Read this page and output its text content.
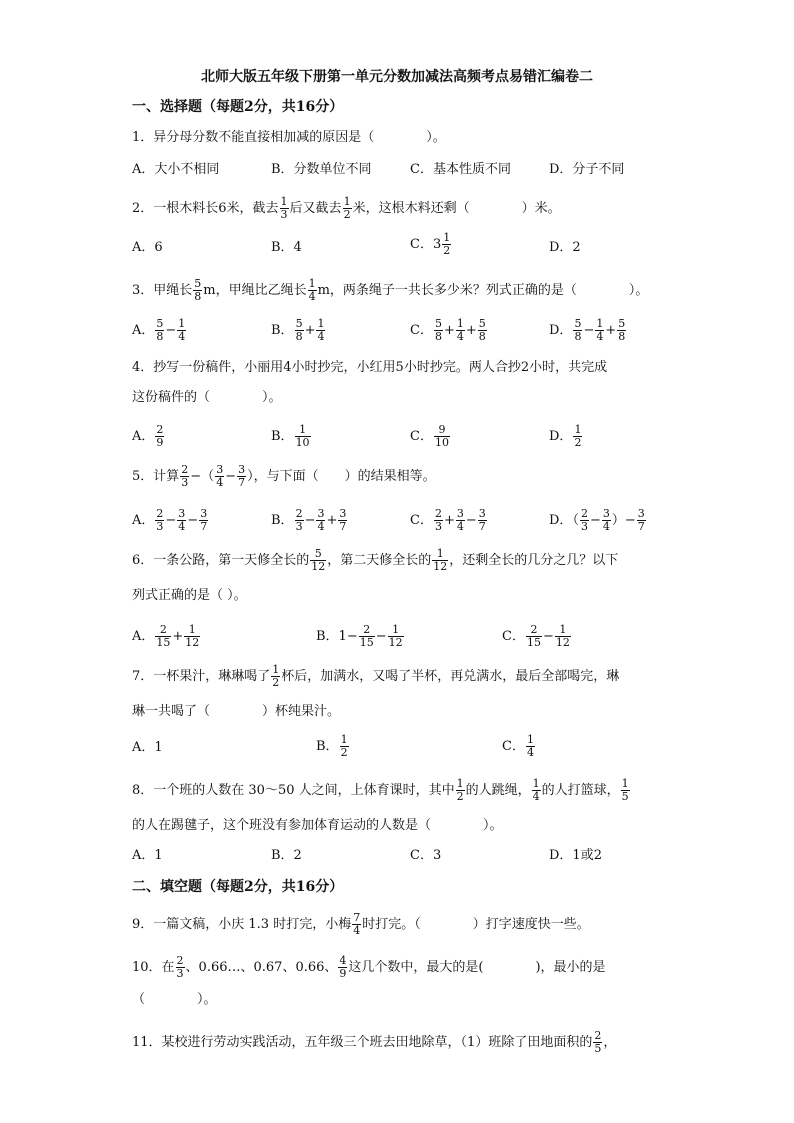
北师大版五年级下册第一单元分数加减法高频考点易错汇编卷二
一、选择题（每题2分，共16分）
1．异分母分数不能直接相加减的原因是（　　　　）。
A．大小不相同	B．分数单位不同	C．基本性质不同	D．分子不同
2．一根木料长6米，截去 $\frac{1}{3}$ 后又截去 $\frac{1}{2}$ 米，这根木料还剩（　　　　）米。
A．6	B．4	C．$3 \frac{1}{2}$	D．2
3．甲绳长 $\frac{5}{8}$ m，甲绳比乙绳长 $\frac{1}{4}$ m，两条绳子一共长多少米？列式正确的是（　　　　）。
A． $\frac{5}{8} - \frac{1}{4}$	B． $\frac{5}{8} + \frac{1}{4}$	C． $\frac{5}{8} + \frac{1}{4} + \frac{5}{8}$	D． $\frac{5}{8} - \frac{1}{4} + \frac{5}{8}$
4．抄写一份稿件，小丽用4小时抄完，小红用5小时抄完。两人合抄2小时，共完成
这份稿件的（　　　　）。
A． $\frac{2}{9}$	B． $\frac{1}{10}$	C． $\frac{9}{10}$	D． $\frac{1}{2}$
5．计算 $\frac{2}{3}$ −（ $\frac{3}{4} - \frac{3}{7}$ ），与下面（　　）的结果相等。
A． $\frac{2}{3} - \frac{3}{4} - \frac{3}{7}$	B． $\frac{2}{3} - \frac{3}{4} + \frac{3}{7}$	C． $\frac{2}{3} + \frac{3}{4} - \frac{3}{7}$	D．（ $\frac{2}{3} - \frac{3}{4}$ ）− $\frac{3}{7}$
6．一条公路，第一天修全长的 $\frac{5}{12}$ ，第二天修全长的 $\frac{1}{12}$ ，还剩全长的几分之几？以下
列式正确的是（ ）。
A． $\frac{2}{15} + \frac{1}{12}$	B．$1- \frac{2}{15} - \frac{1}{12}$	C． $\frac{2}{15} - \frac{1}{12}$
7．一杯果汁，琳琳喝了 $\frac{1}{2}$ 杯后，加满水，又喝了半杯，再兑满水，最后全部喝完，琳
琳一共喝了（　　　　）杯纯果汁。
A．1	B． $\frac{1}{2}$	C． $\frac{1}{4}$
8．一个班的人数在 30～50 人之间，上体育课时，其中 $\frac{1}{2}$ 的人跳绳， $\frac{1}{4}$ 的人打篮球， $\frac{1}{5}$
的人在踢毽子，这个班没有参加体育运动的人数是（　　　　）。
A．1	B．2	C．3	D．1或2
二、填空题（每题2分，共16分）
9．一篇文稿，小庆 1.3 时打完，小梅 $\frac{7}{4}$ 时打完。（　　　　）打字速度快一些。
10．在 $\frac{2}{3}$ 、0.66…、0.67、0.66、 $\frac{4}{9}$ 这几个数中，最大的是(　　　　)，最小的是
（　　　　）。
11．某校进行劳动实践活动，五年级三个班去田地除草，（1）班除了田地面积的 $\frac{2}{5}$ ，
